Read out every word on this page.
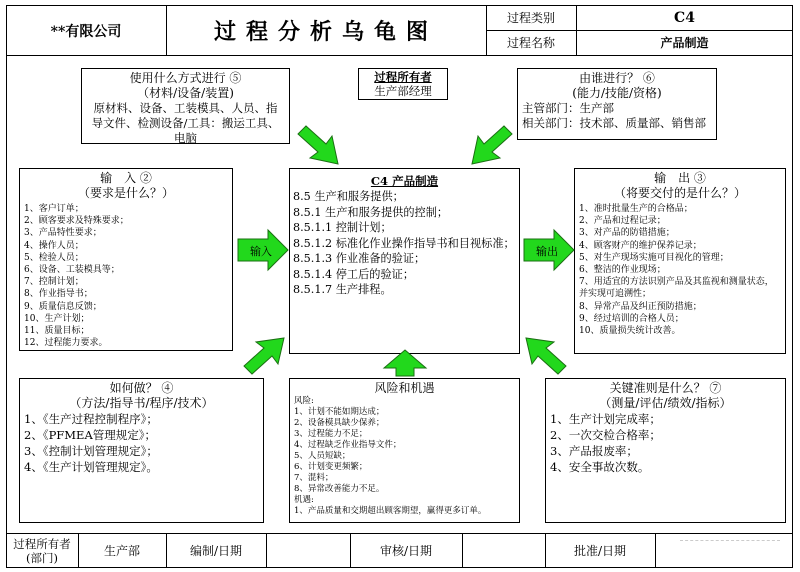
**有限公司	过程分析乌龟图
过程类别	C4
过程名称	产品制造
使用什么方式进行 ⑤
（材料/设备/装置)
原材料、设备、工装模具、人员、指导文件、检测设备/工具：搬运工具、电脑
过程所有者
生产部经理
由谁进行？ ⑥
(能力/技能/资格)
主管部门：生产部
相关部门：技术部、质量部、销售部
输　入 ②
（要求是什么？）
1、客户订单；
2、顾客要求及特殊要求；
3、产品特性要求；
4、操作人员；
5、检验人员；
6、设备、工装模具等；
7、控制计划；
8、作业指导书；
9、质量信息反馈；
10、生产计划；
11、质量目标；
12、过程能力要求。
C4 产品制造
8.5 生产和服务提供；
8.5.1 生产和服务提供的控制；
8.5.1.1 控制计划；
8.5.1.2 标准化作业操作指导书和目视标准；
8.5.1.3 作业准备的验证；
8.5.1.4 停工后的验证；
8.5.1.7 生产排程。
输　出 ③
（将要交付的是什么？）
1、准时批量生产的合格品；
2、产品和过程记录；
3、对产品的防错措施；
4、顾客财产的维护保养记录；
5、对生产现场实施可目视化的管理；
6、整洁的作业现场；
7、用适宜的方法识别产品及其监视和测量状态，并实现可追溯性；
8、异常产品及纠正预防措施；
9、经过培训的合格人员；
10、质量损失统计改善。
如何做？ ④
（方法/指导书/程序/技术）
1、《生产过程控制程序》；
2、《PFMEA管理规定》；
3、《控制计划管理规定》；
4、《生产计划管理规定》。
风险和机遇
风险:
1、计划不能如期达成；
2、设备模具缺少保养；
3、过程能力不足；
4、过程缺乏作业指导文件；
5、人员短缺；
6、计划变更频繁；
7、混料；
8、异常改善能力不足。
机遇:
1、产品质量和交期超出顾客期望，赢得更多订单。
关键准则是什么？ ⑦
（测量/评估/绩效/指标）
1、生产计划完成率；
2、一次交检合格率；
3、产品报废率；
4、安全事故次数。
过程所有者
(部门)	生产部	编制/日期	审核/日期	批准/日期
输入	输出
